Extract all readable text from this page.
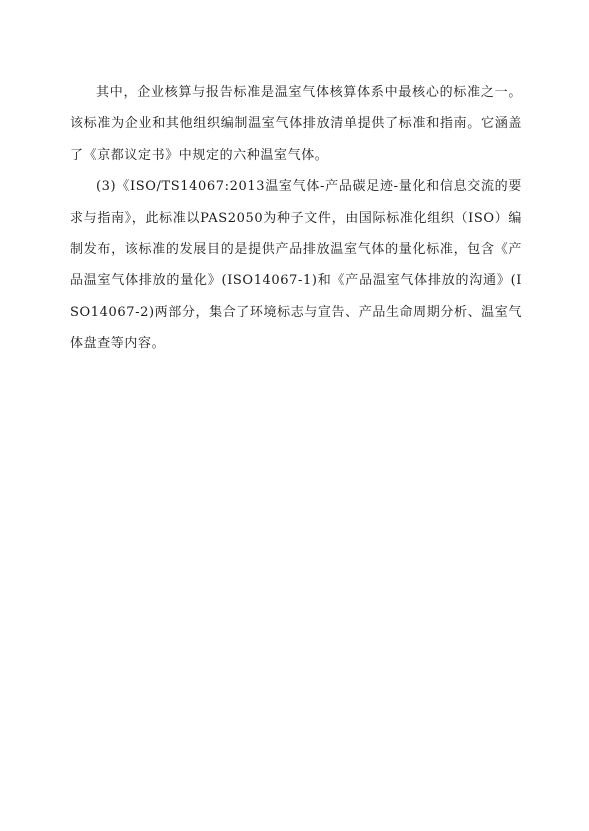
其中，企业核算与报告标准是温室气体核算体系中最核心的标准之一。该标准为企业和其他组织编制温室气体排放清单提供了标准和指南。它涵盖了《京都议定书》中规定的六种温室气体。

(3)《ISO/TS14067:2013温室气体-产品碳足迹-量化和信息交流的要求与指南》，此标准以PAS2050为种子文件，由国际标准化组织（ISO）编制发布，该标准的发展目的是提供产品排放温室气体的量化标准，包含《产品温室气体排放的量化》(ISO14067-1)和《产品温室气体排放的沟通》(ISO14067-2)两部分，集合了环境标志与宣告、产品生命周期分析、温室气体盘查等内容。
